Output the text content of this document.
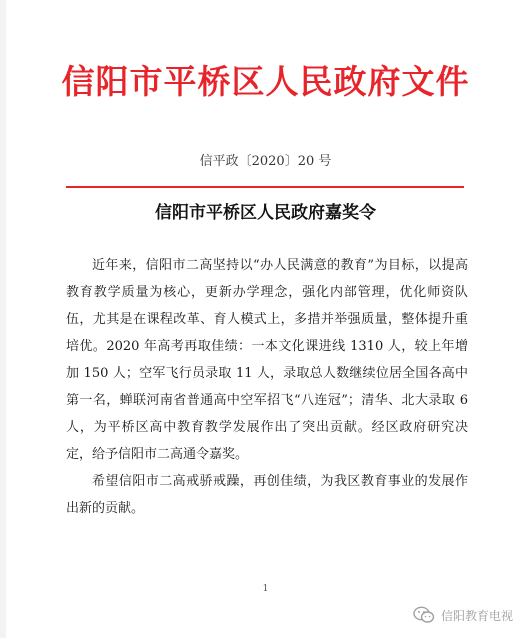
信阳市平桥区人民政府文件
信平政〔2020〕20 号
信阳市平桥区人民政府嘉奖令

近年来，信阳市二高坚持以“办人民满意的教育”为目标，以提高教育教学质量为核心，更新办学理念，强化内部管理，优化师资队伍，尤其是在课程改革、育人模式上，多措并举强质量，整体提升重培优。2020 年高考再取佳绩：一本文化课进线 1310 人，较上年增加 150 人；空军飞行员录取 11 人，录取总人数继续位居全国各高中第一名，蝉联河南省普通高中空军招飞“八连冠”；清华、北大录取 6 人，为平桥区高中教育教学发展作出了突出贡献。经区政府研究决定，给予信阳市二高通令嘉奖。

希望信阳市二高戒骄戒躁，再创佳绩，为我区教育事业的发展作出新的贡献。

1
信阳教育电视
